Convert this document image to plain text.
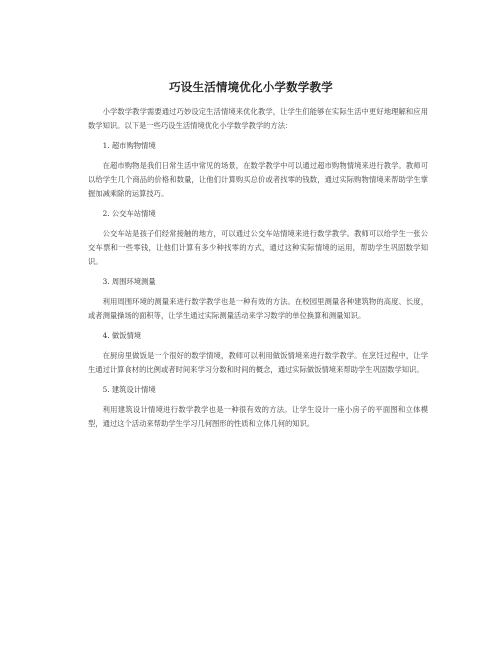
巧设生活情境优化小学数学教学

小学数学教学需要通过巧妙设定生活情境来优化教学，让学生们能够在实际生活中更好地理解和应用数学知识。以下是一些巧设生活情境优化小学数学教学的方法：

1. 超市购物情境

在超市购物是我们日常生活中常见的场景，在数学教学中可以通过超市购物情境来进行教学。教师可以给学生几个商品的价格和数量，让他们计算购买总价或者找零的钱数，通过实际购物情境来帮助学生掌握加减乘除的运算技巧。

2. 公交车站情境

公交车站是孩子们经常接触的地方，可以通过公交车站情境来进行数学教学。教师可以给学生一张公交车票和一些零钱，让他们计算有多少种找零的方式，通过这种实际情境的运用，帮助学生巩固数学知识。

3. 周围环境测量

利用周围环境的测量来进行数学教学也是一种有效的方法。在校园里测量各种建筑物的高度、长度，或者测量操场的面积等，让学生通过实际测量活动来学习数学的单位换算和测量知识。

4. 做饭情境

在厨房里做饭是一个很好的数学情境，教师可以利用做饭情境来进行数学教学。在烹饪过程中，让学生通过计算食材的比例或者时间来学习分数和时间的概念，通过实际做饭情境来帮助学生巩固数学知识。

5. 建筑设计情境

利用建筑设计情境进行数学教学也是一种很有效的方法。让学生设计一座小房子的平面图和立体模型，通过这个活动来帮助学生学习几何图形的性质和立体几何的知识。
